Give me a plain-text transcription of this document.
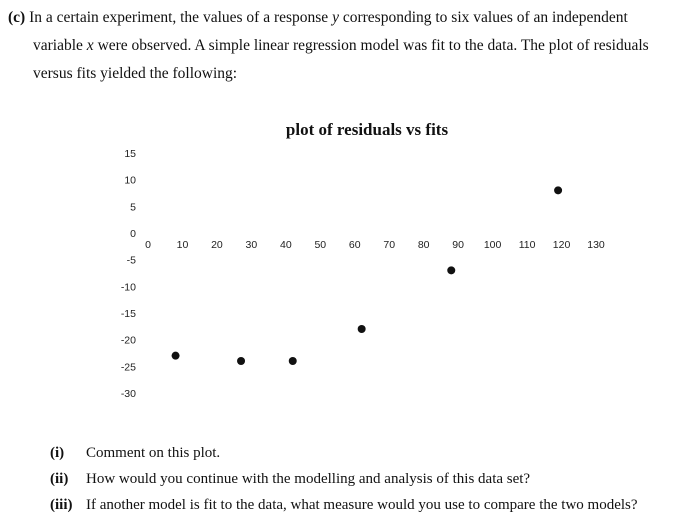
(c) In a certain experiment, the values of a response y corresponding to six values of an independent
variable x were observed. A simple linear regression model was fit to the data. The plot of residuals
versus fits yielded the following:
plot of residuals vs fits
15
10
5
0
-5
-10
-15
-20
-25
-30
0 10 20 30 40 50 60 70 80 90 100 110 120 130
(i)	Comment on this plot.
(ii)	How would you continue with the modelling and analysis of this data set?
(iii) If another model is fit to the data, what measure would you use to compare the two models?
